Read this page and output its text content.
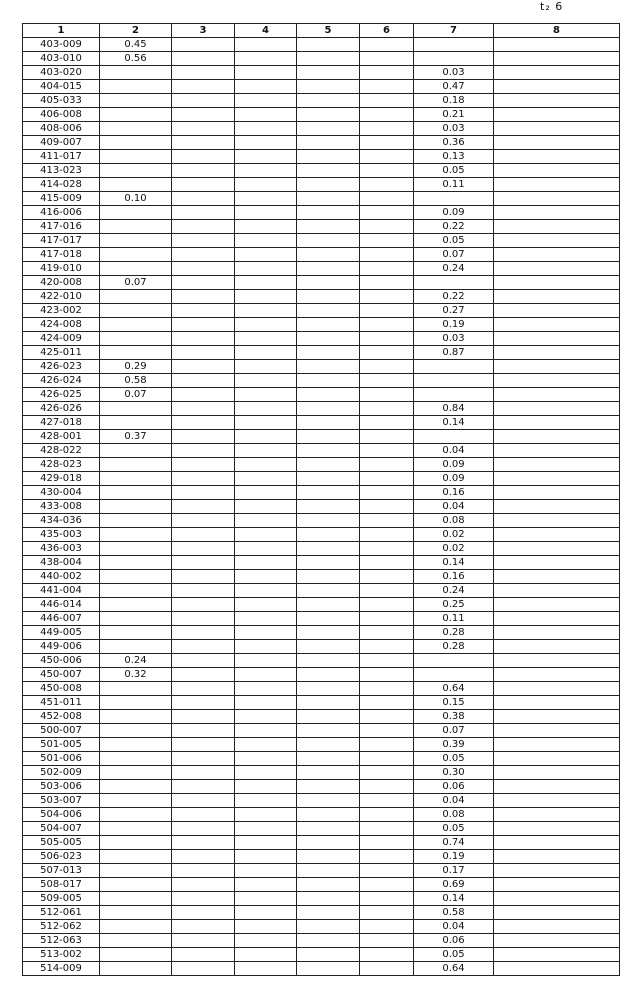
t₂ 6
1	2	3	4	5	6	7	8
403-009	0.45						
403-010	0.56						
403-020						0.03	
404-015						0.47	
405-033						0.18	
406-008						0.21	
408-006						0.03	
409-007						0.36	
411-017						0.13	
413-023						0.05	
414-028						0.11	
415-009	0.10						
416-006						0.09	
417-016						0.22	
417-017						0.05	
417-018						0.07	
419-010						0.24	
420-008	0.07						
422-010						0.22	
423-002						0.27	
424-008						0.19	
424-009						0.03	
425-011						0.87	
426-023	0.29						
426-024	0.58						
426-025	0.07						
426-026						0.84	
427-018						0.14	
428-001	0.37						
428-022						0.04	
428-023						0.09	
429-018						0.09	
430-004						0.16	
433-008						0.04	
434-036						0.08	
435-003						0.02	
436-003						0.02	
438-004						0.14	
440-002						0.16	
441-004						0.24	
446-014						0.25	
446-007						0.11	
449-005						0.28	
449-006						0.28	
450-006	0.24						
450-007	0.32						
450-008						0.64	
451-011						0.15	
452-008						0.38	
500-007						0.07	
501-005						0.39	
501-006						0.05	
502-009						0.30	
503-006						0.06	
503-007						0.04	
504-006						0.08	
504-007						0.05	
505-005						0.74	
506-023						0.19	
507-013						0.17	
508-017						0.69	
509-005						0.14	
512-061						0.58	
512-062						0.04	
512-063						0.06	
513-002						0.05	
514-009						0.64	
